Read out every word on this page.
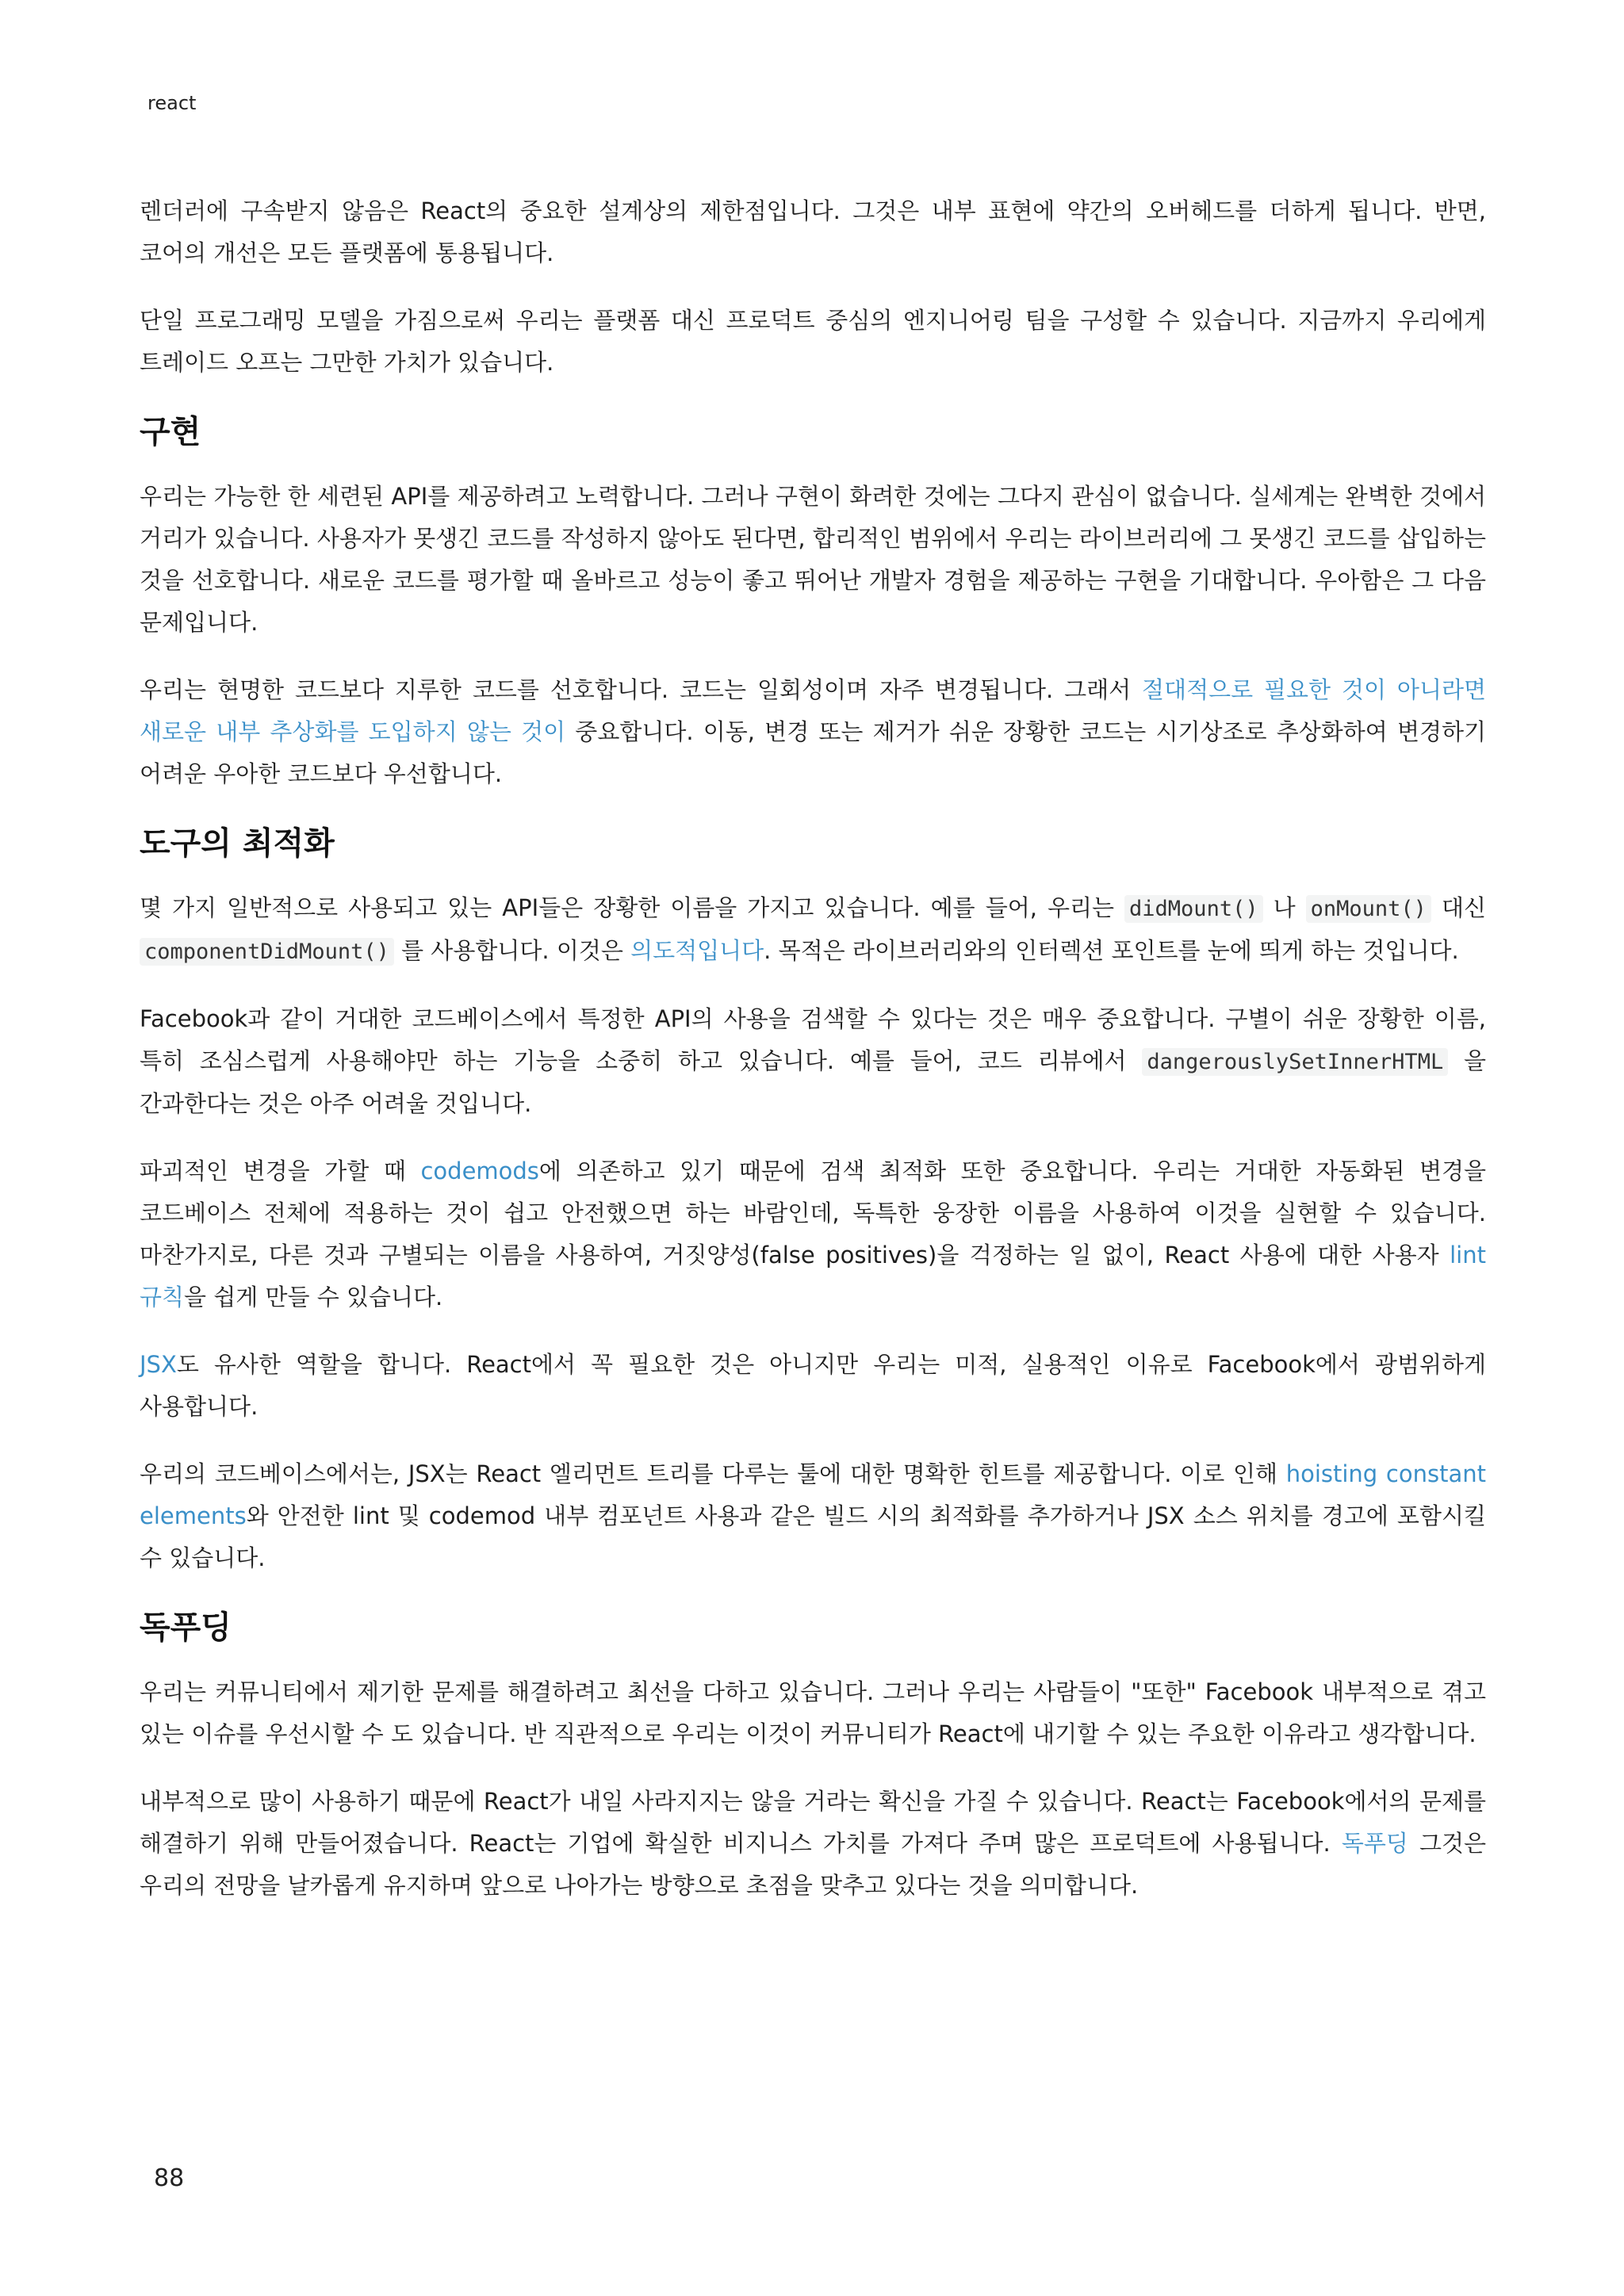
react

렌더러에 구속받지 않음은 React의 중요한 설계상의 제한점입니다. 그것은 내부 표현에 약간의 오버헤드를 더하게 됩니다. 반면, 코어의 개선은 모든 플랫폼에 통용됩니다.

단일 프로그래밍 모델을 가짐으로써 우리는 플랫폼 대신 프로덕트 중심의 엔지니어링 팀을 구성할 수 있습니다. 지금까지 우리에게 트레이드 오프는 그만한 가치가 있습니다.

구현

우리는 가능한 한 세련된 API를 제공하려고 노력합니다. 그러나 구현이 화려한 것에는 그다지 관심이 없습니다. 실세계는 완벽한 것에서 거리가 있습니다. 사용자가 못생긴 코드를 작성하지 않아도 된다면, 합리적인 범위에서 우리는 라이브러리에 그 못생긴 코드를 삽입하는 것을 선호합니다. 새로운 코드를 평가할 때 올바르고 성능이 좋고 뛰어난 개발자 경험을 제공하는 구현을 기대합니다. 우아함은 그 다음 문제입니다.

우리는 현명한 코드보다 지루한 코드를 선호합니다. 코드는 일회성이며 자주 변경됩니다. 그래서 절대적으로 필요한 것이 아니라면 새로운 내부 추상화를 도입하지 않는 것이 중요합니다. 이동, 변경 또는 제거가 쉬운 장황한 코드는 시기상조로 추상화하여 변경하기 어려운 우아한 코드보다 우선합니다.

도구의 최적화

몇 가지 일반적으로 사용되고 있는 API들은 장황한 이름을 가지고 있습니다. 예를 들어, 우리는 didMount() 나 onMount() 대신 componentDidMount() 를 사용합니다. 이것은 의도적입니다. 목적은 라이브러리와의 인터렉션 포인트를 눈에 띄게 하는 것입니다.

Facebook과 같이 거대한 코드베이스에서 특정한 API의 사용을 검색할 수 있다는 것은 매우 중요합니다. 구별이 쉬운 장황한 이름, 특히 조심스럽게 사용해야만 하는 기능을 소중히 하고 있습니다. 예를 들어, 코드 리뷰에서 dangerouslySetInnerHTML 을 간과한다는 것은 아주 어려울 것입니다.

파괴적인 변경을 가할 때 codemods에 의존하고 있기 때문에 검색 최적화 또한 중요합니다. 우리는 거대한 자동화된 변경을 코드베이스 전체에 적용하는 것이 쉽고 안전했으면 하는 바람인데, 독특한 웅장한 이름을 사용하여 이것을 실현할 수 있습니다. 마찬가지로, 다른 것과 구별되는 이름을 사용하여, 거짓양성(false positives)을 걱정하는 일 없이, React 사용에 대한 사용자 lint 규칙을 쉽게 만들 수 있습니다.

JSX도 유사한 역할을 합니다. React에서 꼭 필요한 것은 아니지만 우리는 미적, 실용적인 이유로 Facebook에서 광범위하게 사용합니다.

우리의 코드베이스에서는, JSX는 React 엘리먼트 트리를 다루는 툴에 대한 명확한 힌트를 제공합니다. 이로 인해 hoisting constant elements와 안전한 lint 및 codemod 내부 컴포넌트 사용과 같은 빌드 시의 최적화를 추가하거나 JSX 소스 위치를 경고에 포함시킬 수 있습니다.

독푸딩

우리는 커뮤니티에서 제기한 문제를 해결하려고 최선을 다하고 있습니다. 그러나 우리는 사람들이 "또한" Facebook 내부적으로 겪고 있는 이슈를 우선시할 수 도 있습니다. 반 직관적으로 우리는 이것이 커뮤니티가 React에 내기할 수 있는 주요한 이유라고 생각합니다.

내부적으로 많이 사용하기 때문에 React가 내일 사라지지는 않을 거라는 확신을 가질 수 있습니다. React는 Facebook에서의 문제를 해결하기 위해 만들어졌습니다. React는 기업에 확실한 비지니스 가치를 가져다 주며 많은 프로덕트에 사용됩니다. 독푸딩 그것은 우리의 전망을 날카롭게 유지하며 앞으로 나아가는 방향으로 초점을 맞추고 있다는 것을 의미합니다.

88
